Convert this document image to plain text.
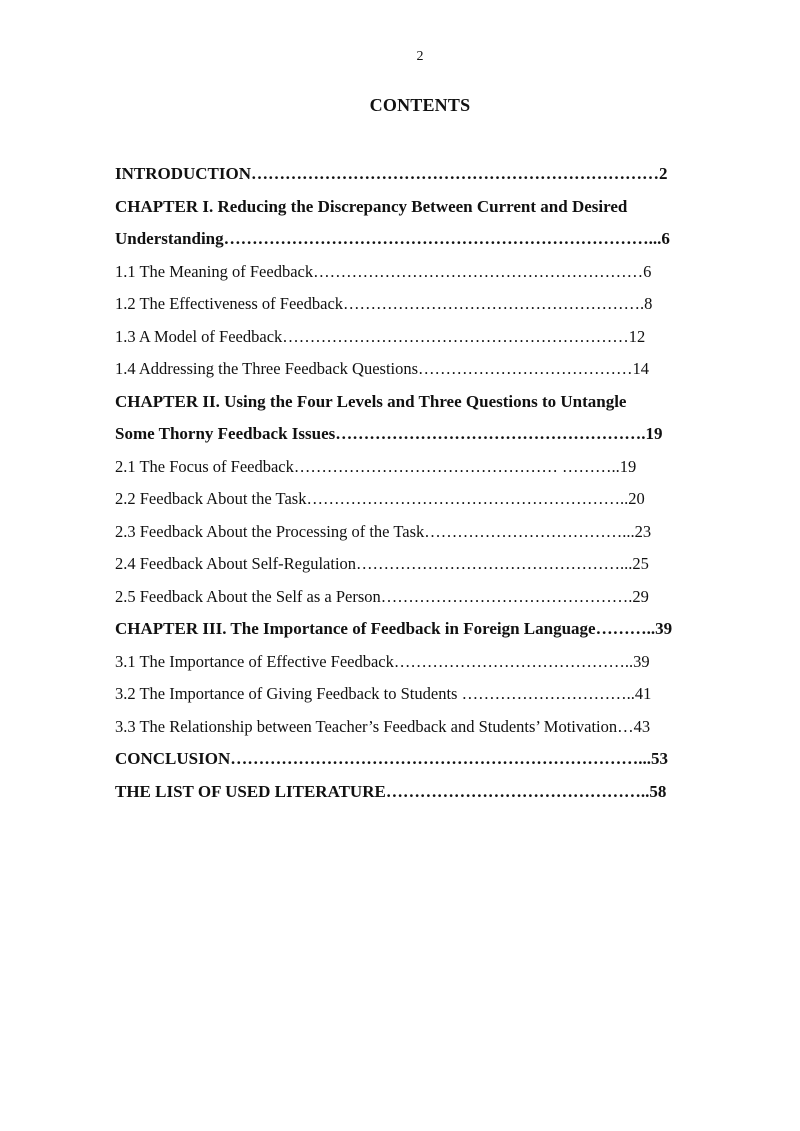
2
CONTENTS
INTRODUCTION………………………………………………………………2
CHAPTER I. Reducing the Discrepancy Between Current and Desired
Understanding…………………………………………………………………...6
1.1 The Meaning of Feedback……………………………………………………6
1.2 The Effectiveness of Feedback……………………………………………….8
1.3 A Model of Feedback………………………………………………………12
1.4 Addressing the Three Feedback Questions…………………………………14
CHAPTER II. Using the Four Levels and Three Questions to Untangle
Some Thorny Feedback Issues……………………………………………….19
2.1 The Focus of Feedback………………………………………… ………..19
2.2 Feedback About the Task…………………………………………………..20
2.3 Feedback About the Processing of the Task………………………………...23
2.4 Feedback About Self-Regulation…………………………………………...25
2.5 Feedback About the Self as a Person……………………………………….29
CHAPTER III. The Importance of Feedback in Foreign Language………..39
3.1 The Importance of Effective Feedback……………………………………..39
3.2 The Importance of Giving Feedback to Students …………………………..41
3.3 The Relationship between Teacher’s Feedback and Students’ Motivation…43
CONCLUSION………………………………………………………………...53
THE LIST OF USED LITERATURE………………………………………..58
